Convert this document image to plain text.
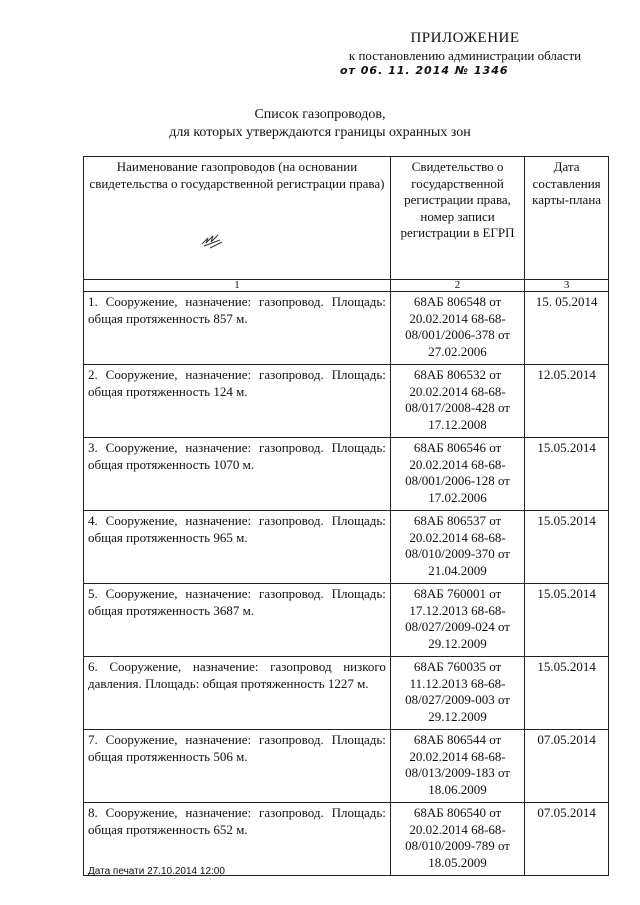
ПРИЛОЖЕНИЕ
к постановлению администрации области
от 06. 11. 2014 № 1346
Список газопроводов,
для которых утверждаются границы охранных зон
Наименование газопроводов (на основании свидетельства о государственной регистрации права)	Свидетельство о государственной регистрации права, номер записи регистрации в ЕГРП	Дата составления карты-плана
1	2	3
1. Сооружение, назначение: газопровод. Площадь: общая протяженность 857 м.	68АБ 806548 от 20.02.2014 68-68-08/001/2006-378 от 27.02.2006	15. 05.2014
2. Сооружение, назначение: газопровод. Площадь: общая протяженность 124 м.	68АБ 806532 от 20.02.2014 68-68-08/017/2008-428 от 17.12.2008	12.05.2014
3. Сооружение, назначение: газопровод. Площадь: общая протяженность 1070 м.	68АБ 806546 от 20.02.2014 68-68-08/001/2006-128 от 17.02.2006	15.05.2014
4. Сооружение, назначение: газопровод. Площадь: общая протяженность 965 м.	68АБ 806537 от 20.02.2014 68-68-08/010/2009-370 от 21.04.2009	15.05.2014
5. Сооружение, назначение: газопровод. Площадь: общая протяженность 3687 м.	68АБ 760001 от 17.12.2013 68-68-08/027/2009-024 от 29.12.2009	15.05.2014
6. Сооружение, назначение: газопровод низкого давления. Площадь: общая протяженность 1227 м.	68АБ 760035 от 11.12.2013 68-68-08/027/2009-003 от 29.12.2009	15.05.2014
7. Сооружение, назначение: газопровод. Площадь: общая протяженность 506 м.	68АБ 806544 от 20.02.2014 68-68-08/013/2009-183 от 18.06.2009	07.05.2014
8. Сооружение, назначение: газопровод. Площадь: общая протяженность 652 м.	68АБ 806540 от 20.02.2014 68-68-08/010/2009-789 от 18.05.2009	07.05.2014
Дата печати 27.10.2014 12:00
